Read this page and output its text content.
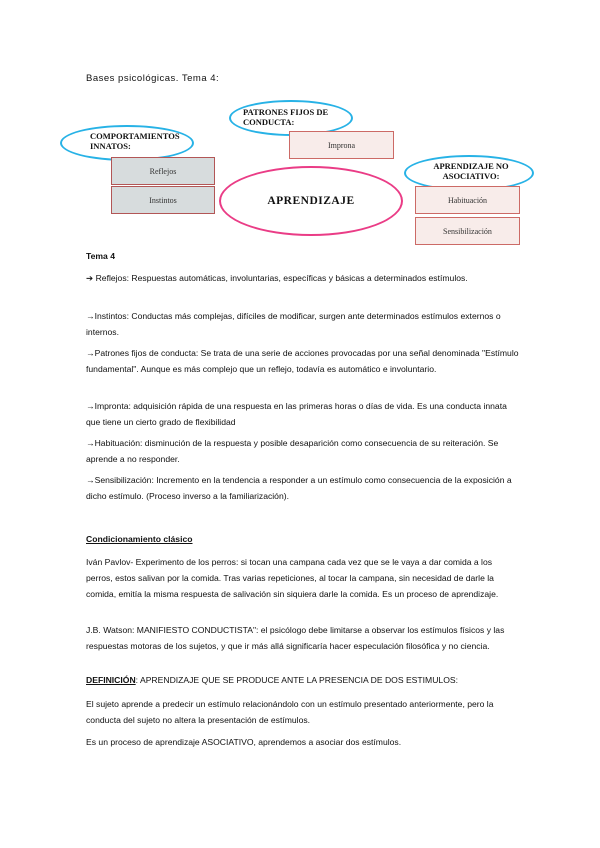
Bases psicológicas. Tema 4:
PATRONES FIJOS DE CONDUCTA:
Improna
COMPORTAMIENTOS INNATOS:
Reflejos
Instintos	APRENDIZAJE
APRENDIZAJE NO ASOCIATIVO:
Habituación
Sensibilización
Tema 4
➔ Reflejos: Respuestas automáticas, involuntarias, específicas y básicas a determinados estímulos.
→Instintos: Conductas más complejas, difíciles de modificar, surgen ante determinados estímulos externos o internos.
→Patrones fijos de conducta: Se trata de una serie de acciones provocadas por una señal denominada "Estímulo fundamental". Aunque es más complejo que un reflejo, todavía es automático e involuntario.
→Impronta: adquisición rápida de una respuesta en las primeras horas o días de vida. Es una conducta innata que tiene un cierto grado de flexibilidad
→Habituación: disminución de la respuesta y posible desaparición como consecuencia de su reiteración. Se aprende a no responder.
→Sensibilización: Incremento en la tendencia a responder a un estímulo como consecuencia de la exposición a dicho estímulo. (Proceso inverso a la familiarización).
Condicionamiento clásico
Iván Pavlov- Experimento de los perros: si tocan una campana cada vez que se le vaya a dar comida a los perros, estos salivan por la comida. Tras varias repeticiones, al tocar la campana, sin necesidad de darle la comida, emitía la misma respuesta de salivación sin siquiera darle la comida. Es un proceso de aprendizaje.
J.B. Watson: MANIFIESTO CONDUCTISTA": el psicólogo debe limitarse a observar los estímulos físicos y las respuestas motoras de los sujetos, y que ir más allá significaría hacer especulación filosófica y no ciencia.
DEFINICIÓN: APRENDIZAJE QUE SE PRODUCE ANTE LA PRESENCIA DE DOS ESTIMULOS:
El sujeto aprende a predecir un estímulo relacionándolo con un estímulo presentado anteriormente, pero la conducta del sujeto no altera la presentación de estímulos.
Es un proceso de aprendizaje ASOCIATIVO, aprendemos a asociar dos estímulos.
